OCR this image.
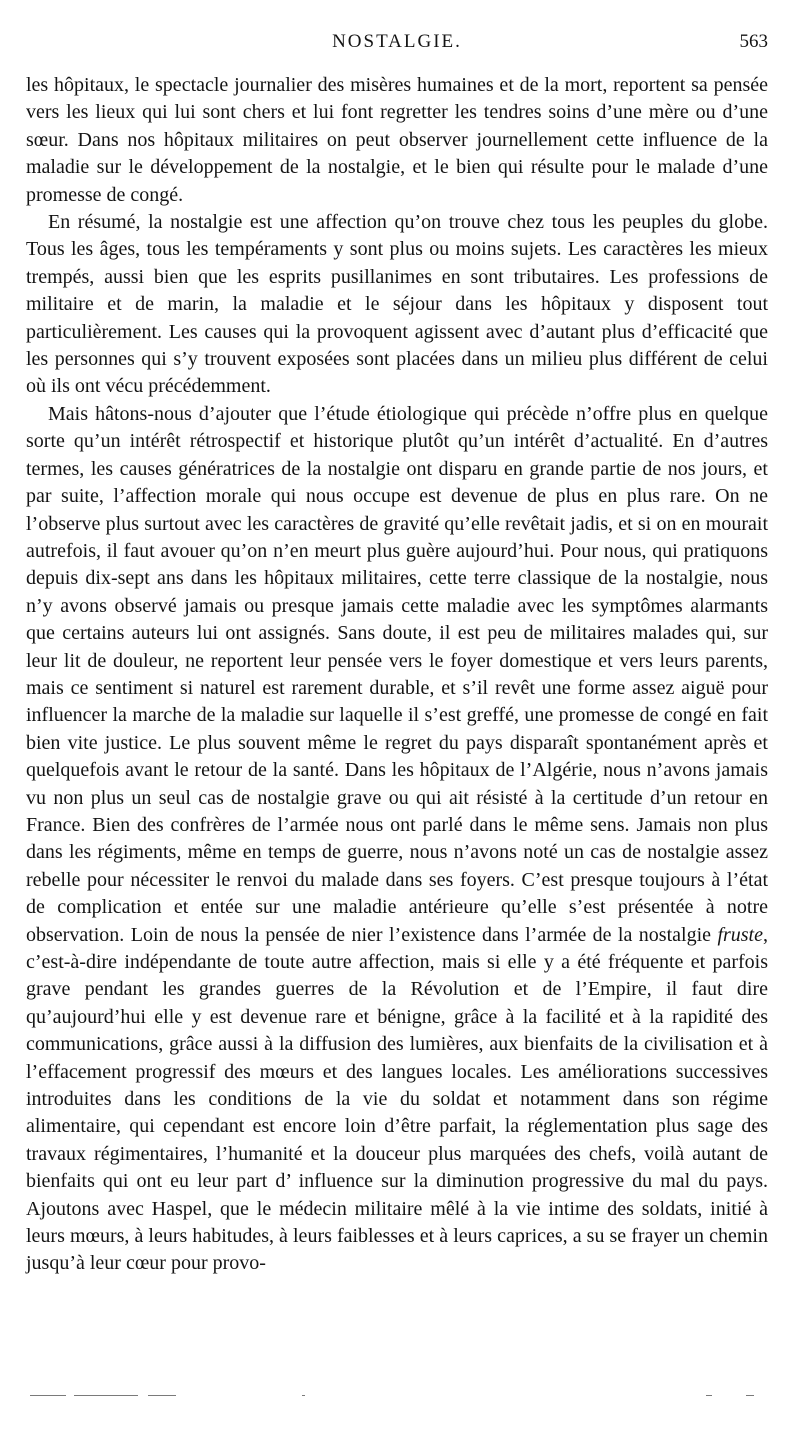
NOSTALGIE.	563

les hôpitaux, le spectacle journalier des misères humaines et de la mort, reportent sa pensée vers les lieux qui lui sont chers et lui font regretter les tendres soins d’une mère ou d’une sœur. Dans nos hôpitaux militaires on peut observer journellement cette influence de la maladie sur le développement de la nostalgie, et le bien qui résulte pour le malade d’une promesse de congé.

En résumé, la nostalgie est une affection qu’on trouve chez tous les peuples du globe. Tous les âges, tous les tempéraments y sont plus ou moins sujets. Les caractères les mieux trempés, aussi bien que les esprits pusillanimes en sont tributaires. Les professions de militaire et de marin, la maladie et le séjour dans les hôpitaux y disposent tout particulièrement. Les causes qui la provoquent agissent avec d’autant plus d’efficacité que les personnes qui s’y trouvent exposées sont placées dans un milieu plus différent de celui où ils ont vécu précédemment.

Mais hâtons-nous d’ajouter que l’étude étiologique qui précède n’offre plus en quelque sorte qu’un intérêt rétrospectif et historique plutôt qu’un intérêt d’actualité. En d’autres termes, les causes génératrices de la nostalgie ont disparu en grande partie de nos jours, et par suite, l’affection morale qui nous occupe est devenue de plus en plus rare. On ne l’observe plus surtout avec les caractères de gravité qu’elle revêtait jadis, et si on en mourait autrefois, il faut avouer qu’on n’en meurt plus guère aujourd’hui. Pour nous, qui pratiquons depuis dix-sept ans dans les hôpitaux militaires, cette terre classique de la nostalgie, nous n’y avons observé jamais ou presque jamais cette maladie avec les symptômes alarmants que certains auteurs lui ont assignés. Sans doute, il est peu de militaires malades qui, sur leur lit de douleur, ne reportent leur pensée vers le foyer domestique et vers leurs parents, mais ce sentiment si naturel est rarement durable, et s’il revêt une forme assez aiguë pour influencer la marche de la maladie sur laquelle il s’est greffé, une promesse de congé en fait bien vite justice. Le plus souvent même le regret du pays disparaît spontanément après et quelquefois avant le retour de la santé. Dans les hôpitaux de l’Algérie, nous n’avons jamais vu non plus un seul cas de nostalgie grave ou qui ait résisté à la certitude d’un retour en France. Bien des confrères de l’armée nous ont parlé dans le même sens. Jamais non plus dans les régiments, même en temps de guerre, nous n’avons noté un cas de nostalgie assez rebelle pour nécessiter le renvoi du malade dans ses foyers. C’est presque toujours à l’état de complication et entée sur une maladie antérieure qu’elle s’est présentée à notre observation. Loin de nous la pensée de nier l’existence dans l’armée de la nostalgie fruste, c’est-à-dire indépendante de toute autre affection, mais si elle y a été fréquente et parfois grave pendant les grandes guerres de la Révolution et de l’Empire, il faut dire qu’aujourd’hui elle y est devenue rare et bénigne, grâce à la facilité et à la rapidité des communications, grâce aussi à la diffusion des lumières, aux bienfaits de la civilisation et à l’effacement progressif des mœurs et des langues locales. Les améliorations successives introduites dans les conditions de la vie du soldat et notamment dans son régime alimentaire, qui cependant est encore loin d’être parfait, la réglementation plus sage des travaux régimentaires, l’humanité et la douceur plus marquées des chefs, voilà autant de bienfaits qui ont eu leur part d’ influence sur la diminution progressive du mal du pays. Ajoutons avec Haspel, que le médecin militaire mêlé à la vie intime des soldats, initié à leurs mœurs, à leurs habitudes, à leurs faiblesses et à leurs caprices, a su se frayer un chemin jusqu’à leur cœur pour provo-
